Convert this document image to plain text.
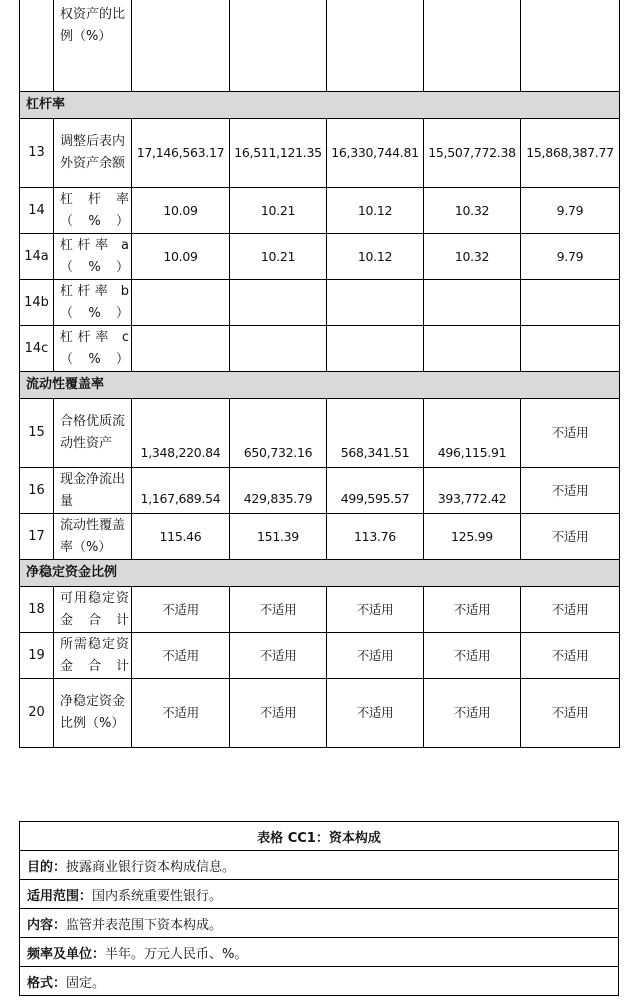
	权资产的比例（%）					
杠杆率						
13	调整后表内外资产余额	17,146,563.17	16,511,121.35	16,330,744.81	15,507,772.38	15,868,387.77
14	杠杆率（%）	10.09	10.21	10.12	10.32	9.79
14a	杠杆率 a（%）	10.09	10.21	10.12	10.32	9.79
14b	杠杆率 b（%）					
14c	杠杆率 c（%）					
流动性覆盖率						
15	合格优质流动性资产	1,348,220.84	650,732.16	568,341.51	496,115.91	不适用
16	现金净流出量	1,167,689.54	429,835.79	499,595.57	393,772.42	不适用
17	流动性覆盖率（%）	115.46	151.39	113.76	125.99	不适用
净稳定资金比例						
18	可用稳定资金合计	不适用	不适用	不适用	不适用	不适用
19	所需稳定资金合计	不适用	不适用	不适用	不适用	不适用
20	净稳定资金比例（%）	不适用	不适用	不适用	不适用	不适用
表格 CC1：资本构成
目的：披露商业银行资本构成信息。
适用范围：国内系统重要性银行。
内容：监管并表范围下资本构成。
频率及单位：半年。万元人民币、%。
格式：固定。
